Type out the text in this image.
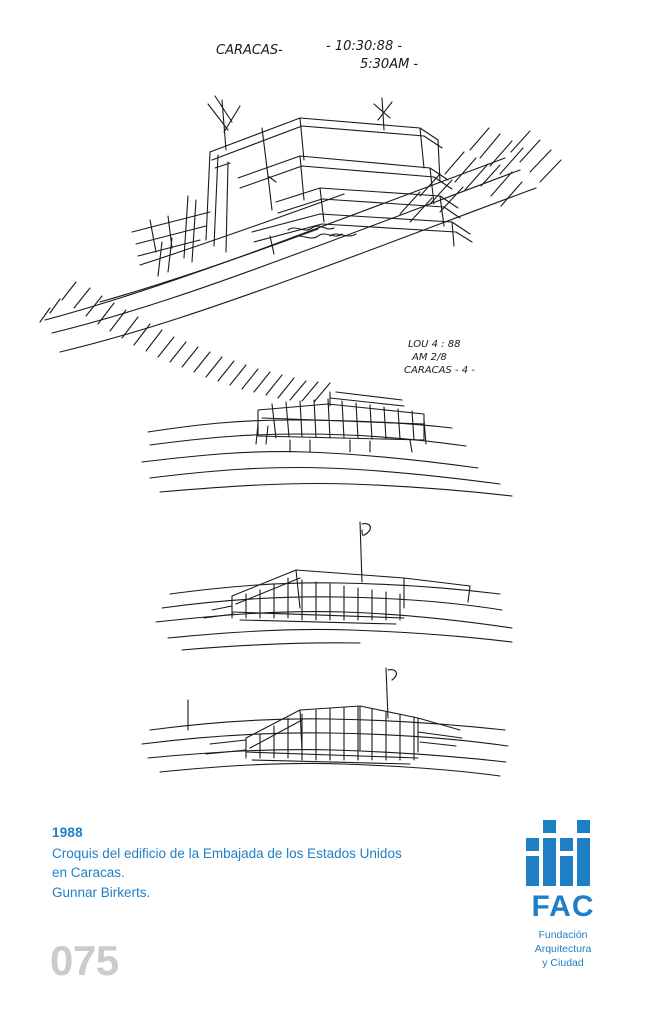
CARACAS-	- 10:30:88 -
5:30AM -
LOU 4 : 88
AM 2/8
CARACAS - 4 -
1988
Croquis del edificio de la Embajada de los Estados Unidos
en Caracas.
Gunnar Birkerts.
075
FAC
Fundación
Arquitectura
y Ciudad
